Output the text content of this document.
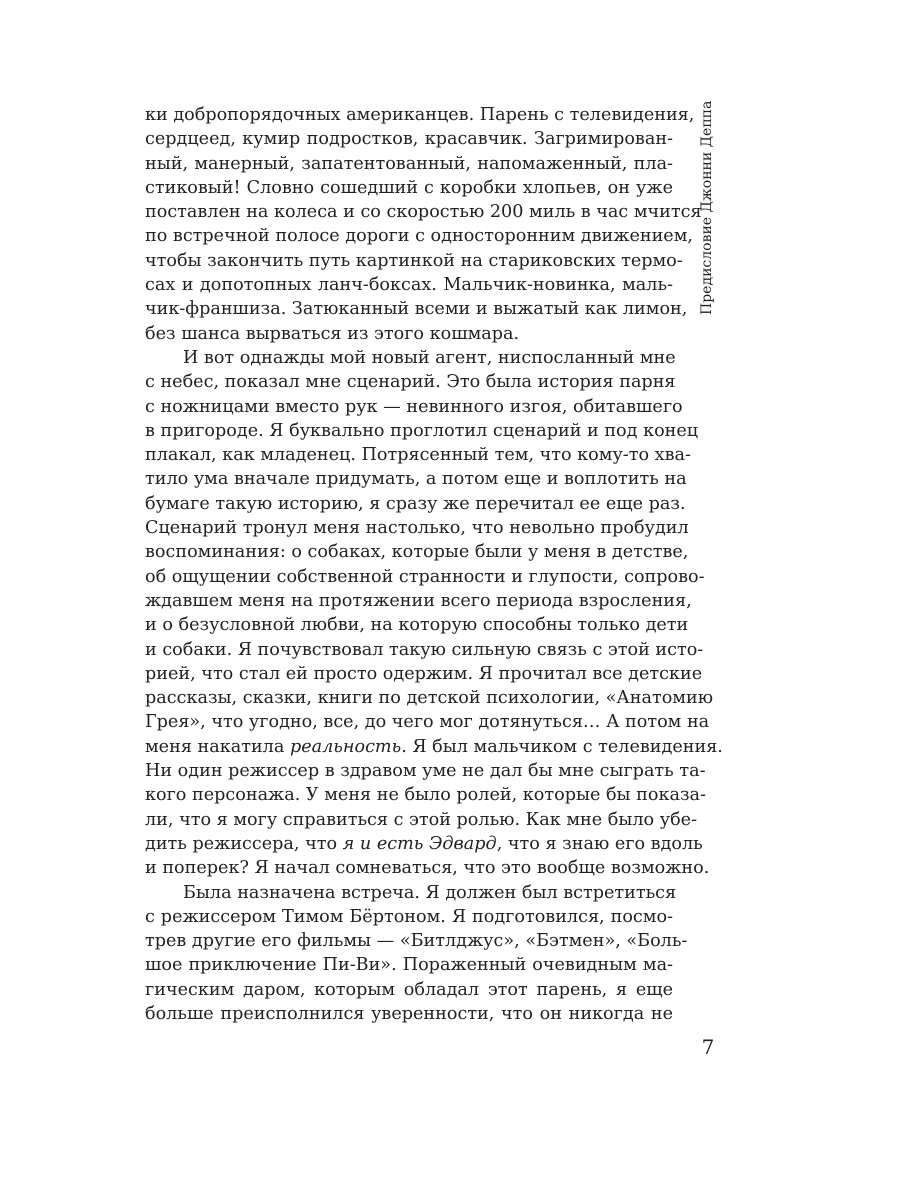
ки добропорядочных американцев. Парень с телевидения,
сердцеед, кумир подростков, красавчик. Загримирован-
ный, манерный, запатентованный, напомаженный, пла-
стиковый! Словно сошедший с коробки хлопьев, он уже
поставлен на колеса и со скоростью 200 миль в час мчится
по встречной полосе дороги с односторонним движением,
чтобы закончить путь картинкой на стариковских термо-
сах и допотопных ланч-боксах. Мальчик-новинка, маль-
чик-франшиза. Затюканный всеми и выжатый как лимон,
без шанса вырваться из этого кошмара.
И вот однажды мой новый агент, ниспосланный мне
с небес, показал мне сценарий. Это была история парня
с ножницами вместо рук — невинного изгоя, обитавшего
в пригороде. Я буквально проглотил сценарий и под конец
плакал, как младенец. Потрясенный тем, что кому-то хва-
тило ума вначале придумать, а потом еще и воплотить на
бумаге такую историю, я сразу же перечитал ее еще раз.
Сценарий тронул меня настолько, что невольно пробудил
воспоминания: о собаках, которые были у меня в детстве,
об ощущении собственной странности и глупости, сопрово-
ждавшем меня на протяжении всего периода взросления,
и о безусловной любви, на которую способны только дети
и собаки. Я почувствовал такую сильную связь с этой исто-
рией, что стал ей просто одержим. Я прочитал все детские
рассказы, сказки, книги по детской психологии, «Анатомию
Грея», что угодно, все, до чего мог дотянуться… А потом на
меня накатила реальность. Я был мальчиком с телевидения.
Ни один режиссер в здравом уме не дал бы мне сыграть та-
кого персонажа. У меня не было ролей, которые бы показа-
ли, что я могу справиться с этой ролью. Как мне было убе-
дить режиссера, что я и есть Эдвард, что я знаю его вдоль
и поперек? Я начал сомневаться, что это вообще возможно.
Была назначена встреча. Я должен был встретиться
с режиссером Тимом Бёртоном. Я подготовился, посмо-
трев другие его фильмы — «Битлджус», «Бэтмен», «Боль-
шое приключение Пи-Ви». Пораженный очевидным ма-
гическим даром, которым обладал этот парень, я еще
больше преисполнился уверенности, что он никогда не
Предисловие Джонни Деппа
7
